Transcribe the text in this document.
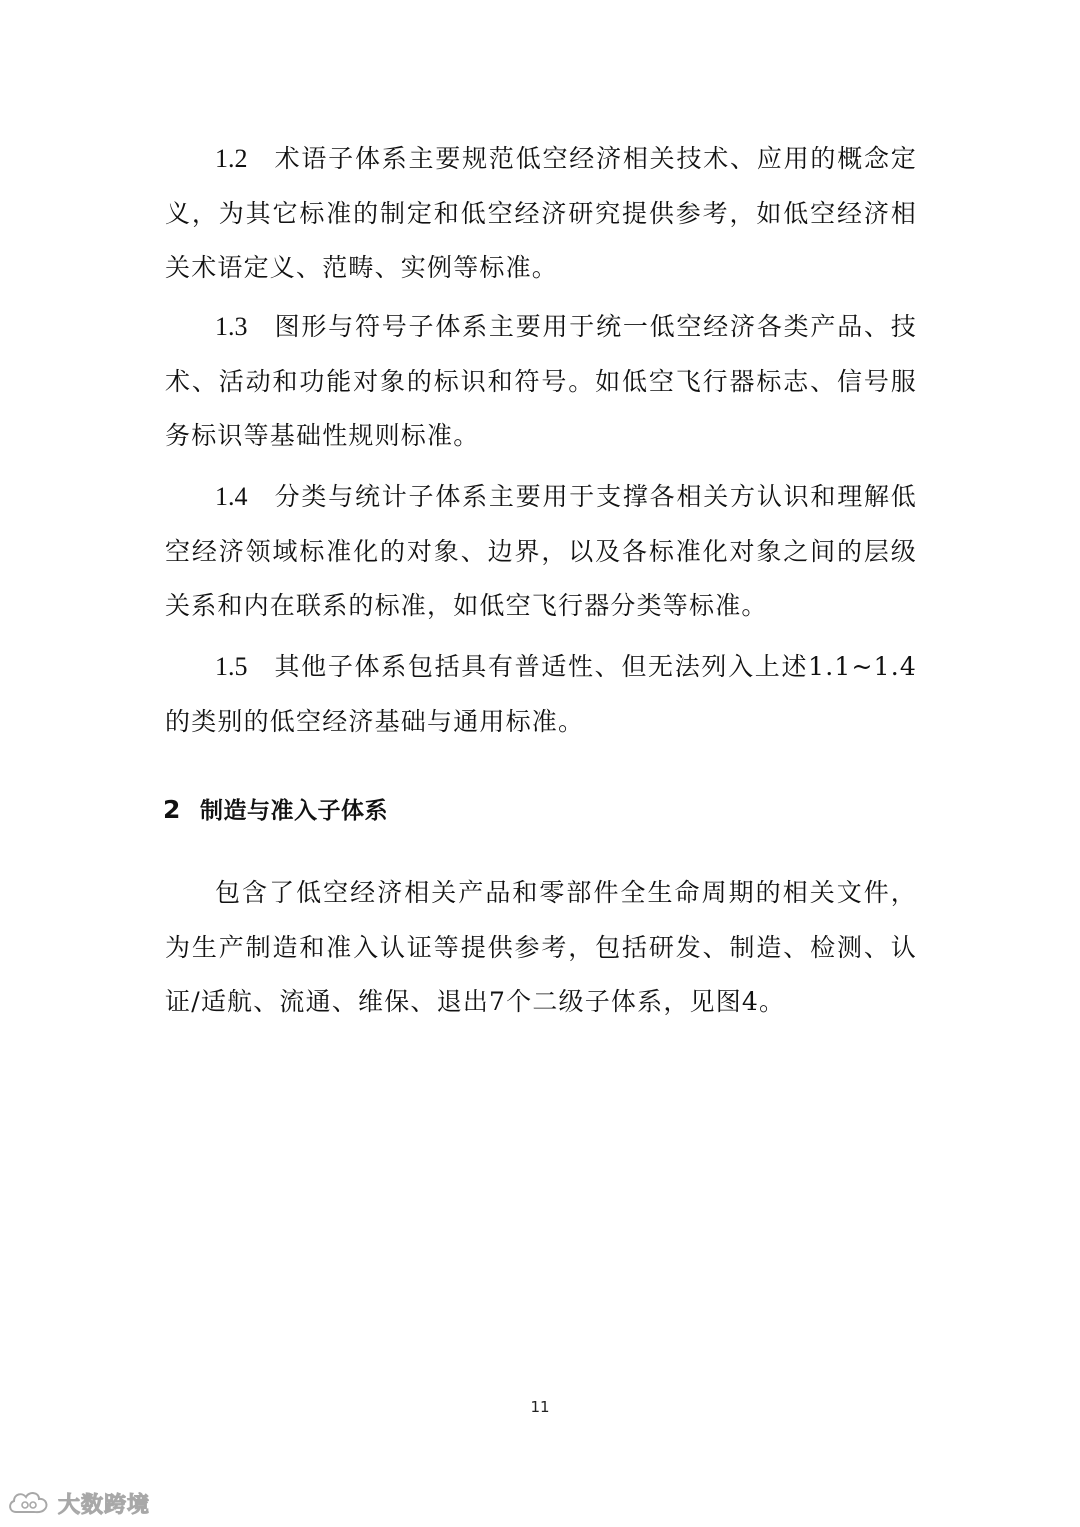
1.2 术语子体系主要规范低空经济相关技术、应用的概念定义，为其它标准的制定和低空经济研究提供参考，如低空经济相关术语定义、范畴、实例等标准。

1.3 图形与符号子体系主要用于统一低空经济各类产品、技术、活动和功能对象的标识和符号。如低空飞行器标志、信号服务标识等基础性规则标准。

1.4 分类与统计子体系主要用于支撑各相关方认识和理解低空经济领域标准化的对象、边界，以及各标准化对象之间的层级关系和内在联系的标准，如低空飞行器分类等标准。

1.5 其他子体系包括具有普适性、但无法列入上述1.1~1.4的类别的低空经济基础与通用标准。

2 制造与准入子体系

包含了低空经济相关产品和零部件全生命周期的相关文件，为生产制造和准入认证等提供参考，包括研发、制造、检测、认证/适航、流通、维保、退出7个二级子体系，见图4。

11
大数跨境
